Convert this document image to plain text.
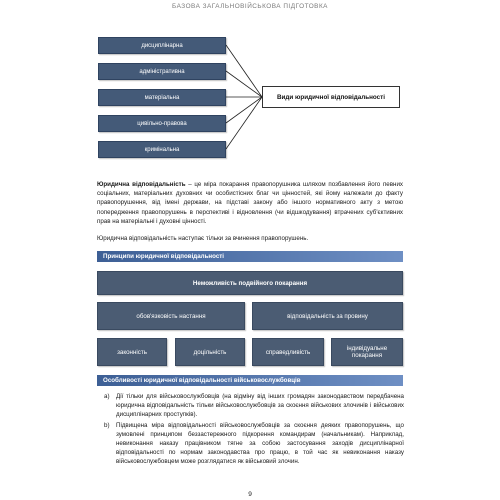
БАЗОВА ЗАГАЛЬНОВІЙСЬКОВА ПІДГОТОВКА
дисциплінарна
адміністративна
матеріальна
цивільно-правова
кримінальна
Види юридичної відповідальності
Юридична відповідальність – це міра покарання правопорушника шляхом позбавлення його певних соціальних, матеріальних духовних чи особистісних благ чи цінностей, які йому належали до факту правопорушення, від імені держави, на підставі закону або іншого нормативного акту з метою попередження правопорушень в перспективі і відновлення (чи відшкодування) втрачених суб'єктивних прав на матеріальні і духовні цінності.
Юридична відповідальність наступає тільки за вчинення правопорушень.
Принципи юридичної відповідальності
Неможливість подвійного покарання
обов'язковість настання	відповідальність за провину
законність	доцільність	справедливість	індивідуальне покарання
Особливості юридичної відповідальності військовослужбовців
а)	Дії тільки для військовослужбовців (на відміну від інших громадян законодавством передбачена юридична відповідальність тільки військовослужбовців за скоєння військових злочинів і військових дисциплінарних проступків).
b)	Підвищена міра відповідальності військовослужбовців за скоєння деяких правопорушень, що зумовлені принципом беззастережного підкорення командирам (начальникам). Наприклад, невиконання наказу працівником тягне за собою застосування заходів дисциплінарної відповідальності по нормам законодавства про працю, в той час як невиконання наказу військовослужбовцем може розглядатися як військовий злочин.
9
